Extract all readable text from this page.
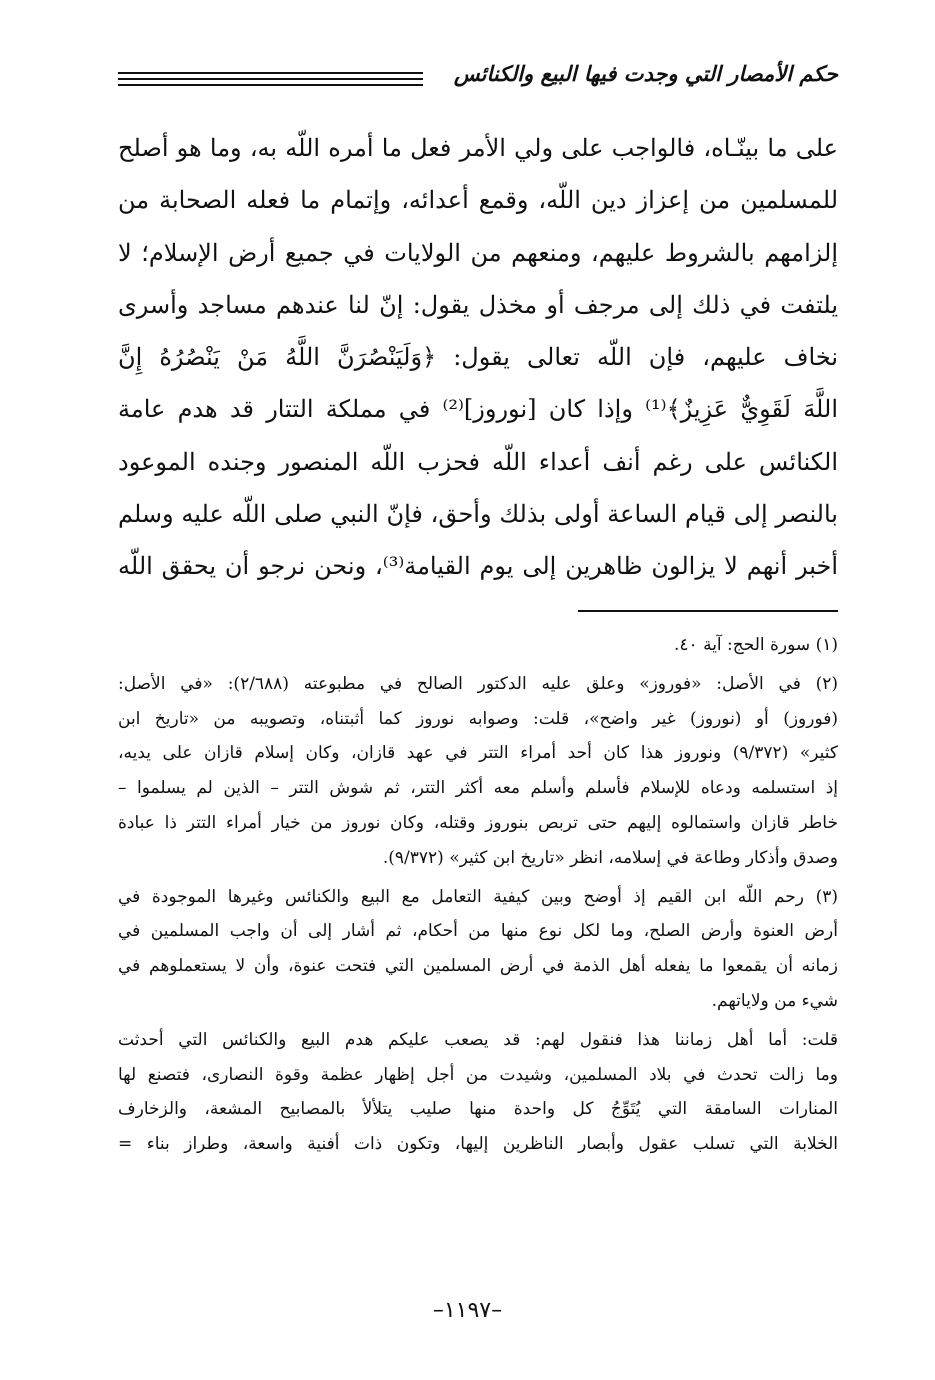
حكم الأمصار التي وجدت فيها البيع والكنائس
على ما بينّـاه، فالواجب على ولي الأمر فعل ما أمره اللّه به، وما هو أصلح
للمسلمين من إعزاز دين اللّه، وقمع أعدائه، وإتمام ما فعله الصحابة من
إلزامهم بالشروط عليهم، ومنعهم من الولايات في جميع أرض الإسلام؛ لا
يلتفت في ذلك إلى مرجف أو مخذل يقول: إنّ لنا عندهم مساجد وأسرى
نخاف عليهم، فإن اللّه تعالى يقول: ﴿وَلَيَنْصُرَنَّ اللَّهُ مَنْ يَنْصُرُهُ إِنَّ
اللَّهَ لَقَوِيٌّ عَزِيزٌ﴾⁽¹⁾ وإذا كان [نوروز]⁽²⁾ في مملكة التتار قد هدم عامة
الكنائس على رغم أنف أعداء اللّه فحزب اللّه المنصور وجنده الموعود
بالنصر إلى قيام الساعة أولى بذلك وأحق، فإنّ النبي صلى اللّه عليه وسلم
أخبر أنهم لا يزالون ظاهرين إلى يوم القيامة⁽³⁾، ونحن نرجو أن يحقق اللّه
(١) سورة الحج: آية ٤٠.
(٢) في الأصل: «فوروز» وعلق عليه الدكتور الصالح في مطبوعته (٢/٦٨٨): «في الأصل:
(فوروز) أو (نوروز) غير واضح»، قلت: وصوابه نوروز كما أثبتناه، وتصويبه من «تاريخ ابن
كثير» (٩/٣٧٢) ونوروز هذا كان أحد أمراء التتر في عهد قازان، وكان إسلام قازان على يديه،
إذ استسلمه ودعاه للإسلام فأسلم وأسلم معه أكثر التتر، ثم شوش التتر – الذين لم يسلموا –
خاطر قازان واستمالوه إليهم حتى تربص بنوروز وقتله، وكان نوروز من خيار أمراء التتر ذا عبادة
وصدق وأذكار وطاعة في إسلامه، انظر «تاريخ ابن كثير» (٩/٣٧٢).
(٣) رحم اللّه ابن القيم إذ أوضح وبين كيفية التعامل مع البيع والكنائس وغيرها الموجودة في
أرض العنوة وأرض الصلح، وما لكل نوع منها من أحكام، ثم أشار إلى أن واجب المسلمين في
زمانه أن يقمعوا ما يفعله أهل الذمة في أرض المسلمين التي فتحت عنوة، وأن لا يستعملوهم في
شيء من ولاياتهم.
قلت: أما أهل زماننا هذا فنقول لهم: قد يصعب عليكم هدم البيع والكنائس التي أحدثت
وما زالت تحدث في بلاد المسلمين، وشيدت من أجل إظهار عظمة وقوة النصارى، فتصنع لها
المنارات السامقة التي يُتَوِّجُ كل واحدة منها صليب يتلألأ بالمصابيح المشعة، والزخارف
الخلابة التي تسلب عقول وأبصار الناظرين إليها، وتكون ذات أفنية واسعة، وطراز بناء =
–١١٩٧–
